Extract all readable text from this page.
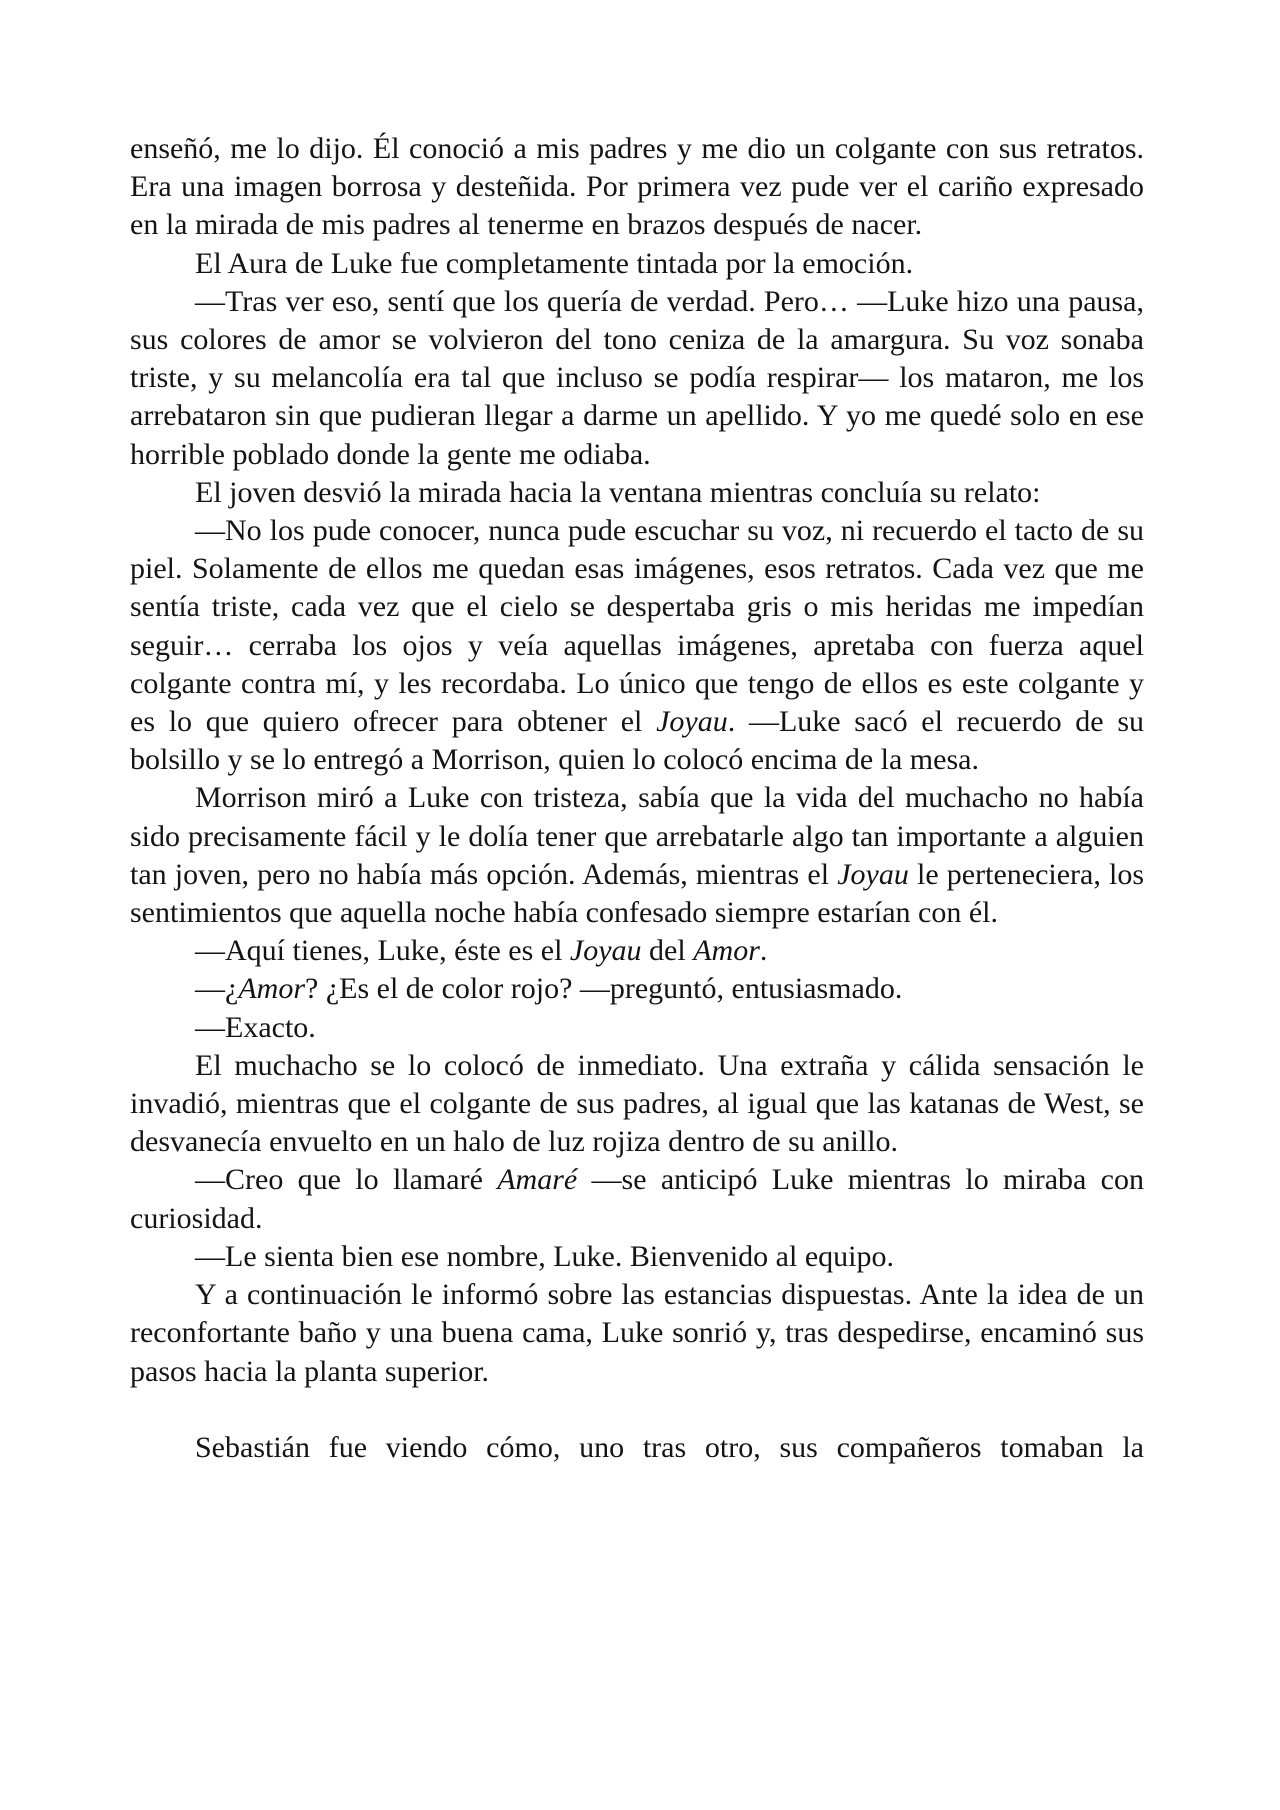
enseñó, me lo dijo. Él conoció a mis padres y me dio un colgante con sus retratos. Era una imagen borrosa y desteñida. Por primera vez pude ver el cariño expresado en la mirada de mis padres al tenerme en brazos después de nacer.

El Aura de Luke fue completamente tintada por la emoción.

—Tras ver eso, sentí que los quería de verdad. Pero… —Luke hizo una pausa, sus colores de amor se volvieron del tono ceniza de la amargura. Su voz sonaba triste, y su melancolía era tal que incluso se podía respirar— los mataron, me los arrebataron sin que pudieran llegar a darme un apellido. Y yo me quedé solo en ese horrible poblado donde la gente me odiaba.

El joven desvió la mirada hacia la ventana mientras concluía su relato:

—No los pude conocer, nunca pude escuchar su voz, ni recuerdo el tacto de su piel. Solamente de ellos me quedan esas imágenes, esos retratos. Cada vez que me sentía triste, cada vez que el cielo se despertaba gris o mis heridas me impedían seguir… cerraba los ojos y veía aquellas imágenes, apretaba con fuerza aquel colgante contra mí, y les recordaba. Lo único que tengo de ellos es este colgante y es lo que quiero ofrecer para obtener el Joyau. —Luke sacó el recuerdo de su bolsillo y se lo entregó a Morrison, quien lo colocó encima de la mesa.

Morrison miró a Luke con tristeza, sabía que la vida del muchacho no había sido precisamente fácil y le dolía tener que arrebatarle algo tan importante a alguien tan joven, pero no había más opción. Además, mientras el Joyau le perteneciera, los sentimientos que aquella noche había confesado siempre estarían con él.

—Aquí tienes, Luke, éste es el Joyau del Amor.

—¿Amor? ¿Es el de color rojo? —preguntó, entusiasmado.

—Exacto.

El muchacho se lo colocó de inmediato. Una extraña y cálida sensación le invadió, mientras que el colgante de sus padres, al igual que las katanas de West, se desvanecía envuelto en un halo de luz rojiza dentro de su anillo.

—Creo que lo llamaré Amaré —se anticipó Luke mientras lo miraba con curiosidad.

—Le sienta bien ese nombre, Luke. Bienvenido al equipo.

Y a continuación le informó sobre las estancias dispuestas. Ante la idea de un reconfortante baño y una buena cama, Luke sonrió y, tras despedirse, encaminó sus pasos hacia la planta superior.

Sebastián fue viendo cómo, uno tras otro, sus compañeros tomaban la
